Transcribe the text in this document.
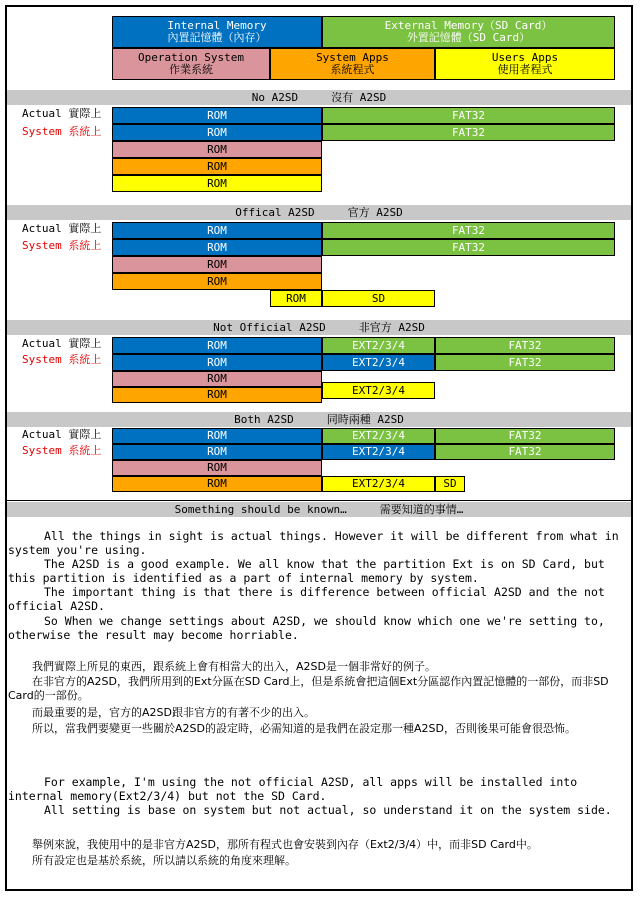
Internal Memory
內置記憶體（內存）
External Memory（SD Card）
外置記憶體（SD Card）
Operation System
作業系統
System Apps
系統程式
Users Apps
使用者程式
No A2SD　　　沒有 A2SD
Actual 實際上
System 系統上
ROM	FAT32
ROM	FAT32
ROM
ROM
ROM
Offical A2SD　　　官方 A2SD
Actual 實際上
System 系統上
ROM	FAT32
ROM	FAT32
ROM
ROM
ROM	SD
Not Official A2SD　　　非官方 A2SD
Actual 實際上
System 系統上
ROM	EXT2/3/4	FAT32
ROM	EXT2/3/4	FAT32
ROM
ROM	EXT2/3/4
Both A2SD　　　同時兩種 A2SD
Actual 實際上
System 系統上
ROM	EXT2/3/4	FAT32
ROM	EXT2/3/4	FAT32
ROM
ROM	EXT2/3/4	SD
Something should be known…　　　需要知道的事情…

All the things in sight is actual things. However it will be different from what in system you're using.

The A2SD is a good example. We all know that the partition Ext is on SD Card, but this partition is identified as a part of internal memory by system.

The important thing is that there is difference between official A2SD and the not official A2SD.

So When we change settings about A2SD, we should know which one we're setting to, otherwise the result may become horriable.

我們實際上所見的東西，跟系統上會有相當大的出入，A2SD是一個非常好的例子。

在非官方的A2SD，我們所用到的Ext分區在SD Card上，但是系統會把這個Ext分區認作內置記憶體的一部份，而非SD Card的一部份。

而最重要的是，官方的A2SD跟非官方的有著不少的出入。

所以，當我們要變更一些關於A2SD的設定時，必需知道的是我們在設定那一種A2SD，否則後果可能會很恐怖。

For example, I'm using the not official A2SD, all apps will be installed into internal memory(Ext2/3/4) but not the SD Card.

All setting is base on system but not actual, so understand it on the system side.

舉例來說，我使用中的是非官方A2SD，那所有程式也會安裝到內存（Ext2/3/4）中，而非SD Card中。

所有設定也是基於系統，所以請以系統的角度來理解。
